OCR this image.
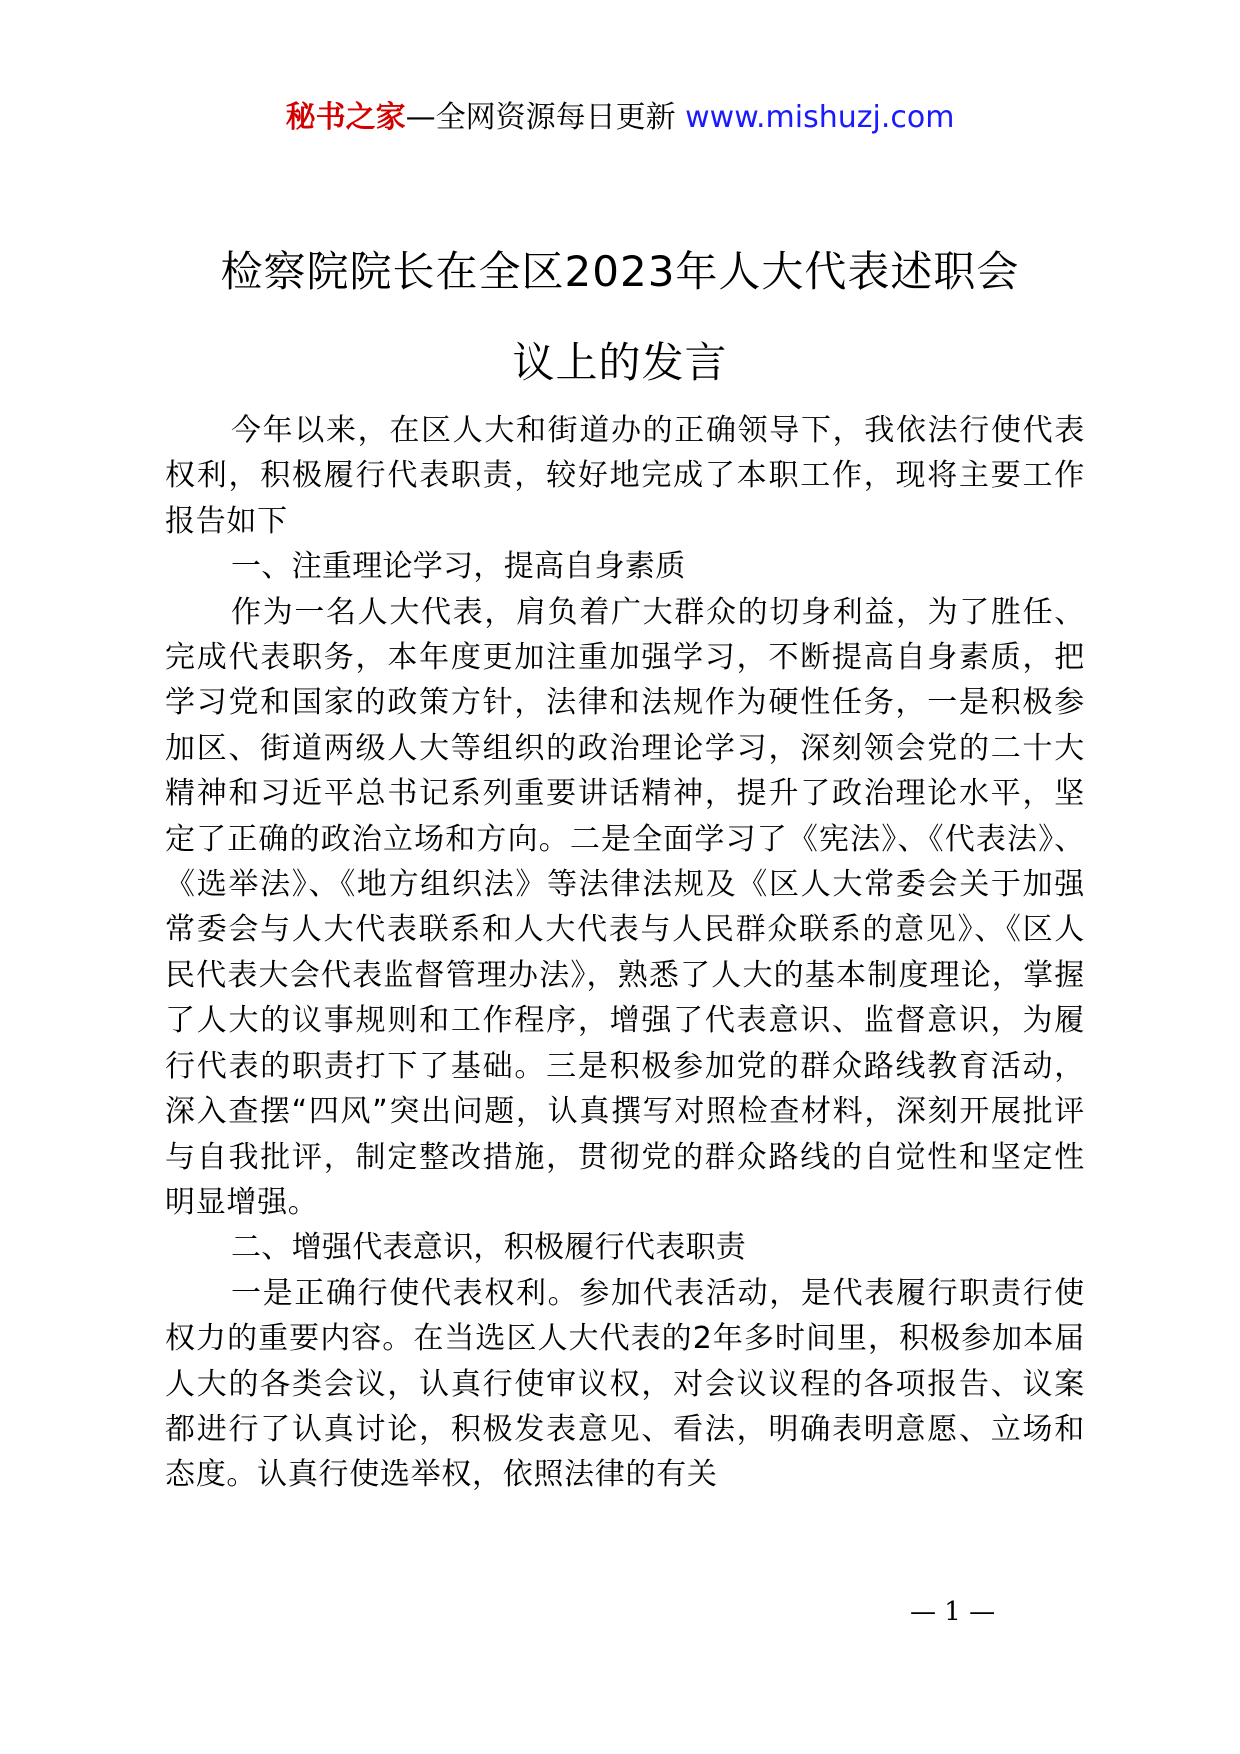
秘书之家—全网资源每日更新 www.mishuzj.com
检察院院长在全区2023年人大代表述职会
议上的发言

今年以来，在区人大和街道办的正确领导下，我依法行使代表权利，积极履行代表职责，较好地完成了本职工作，现将主要工作报告如下

一、注重理论学习，提高自身素质

作为一名人大代表，肩负着广大群众的切身利益，为了胜任、完成代表职务，本年度更加注重加强学习，不断提高自身素质，把学习党和国家的政策方针，法律和法规作为硬性任务，一是积极参加区、街道两级人大等组织的政治理论学习，深刻领会党的二十大精神和习近平总书记系列重要讲话精神，提升了政治理论水平，坚定了正确的政治立场和方向。二是全面学习了《宪法》、《代表法》、《选举法》、《地方组织法》等法律法规及《区人大常委会关于加强常委会与人大代表联系和人大代表与人民群众联系的意见》、《区人民代表大会代表监督管理办法》，熟悉了人大的基本制度理论，掌握了人大的议事规则和工作程序，增强了代表意识、监督意识，为履行代表的职责打下了基础。三是积极参加党的群众路线教育活动，深入查摆“四风”突出问题，认真撰写对照检查材料，深刻开展批评与自我批评，制定整改措施，贯彻党的群众路线的自觉性和坚定性明显增强。

二、增强代表意识，积极履行代表职责

一是正确行使代表权利。参加代表活动，是代表履行职责行使权力的重要内容。在当选区人大代表的2年多时间里，积极参加本届人大的各类会议，认真行使审议权，对会议议程的各项报告、议案都进行了认真讨论，积极发表意见、看法，明确表明意愿、立场和态度。认真行使选举权，依照法律的有关

— 1 —
